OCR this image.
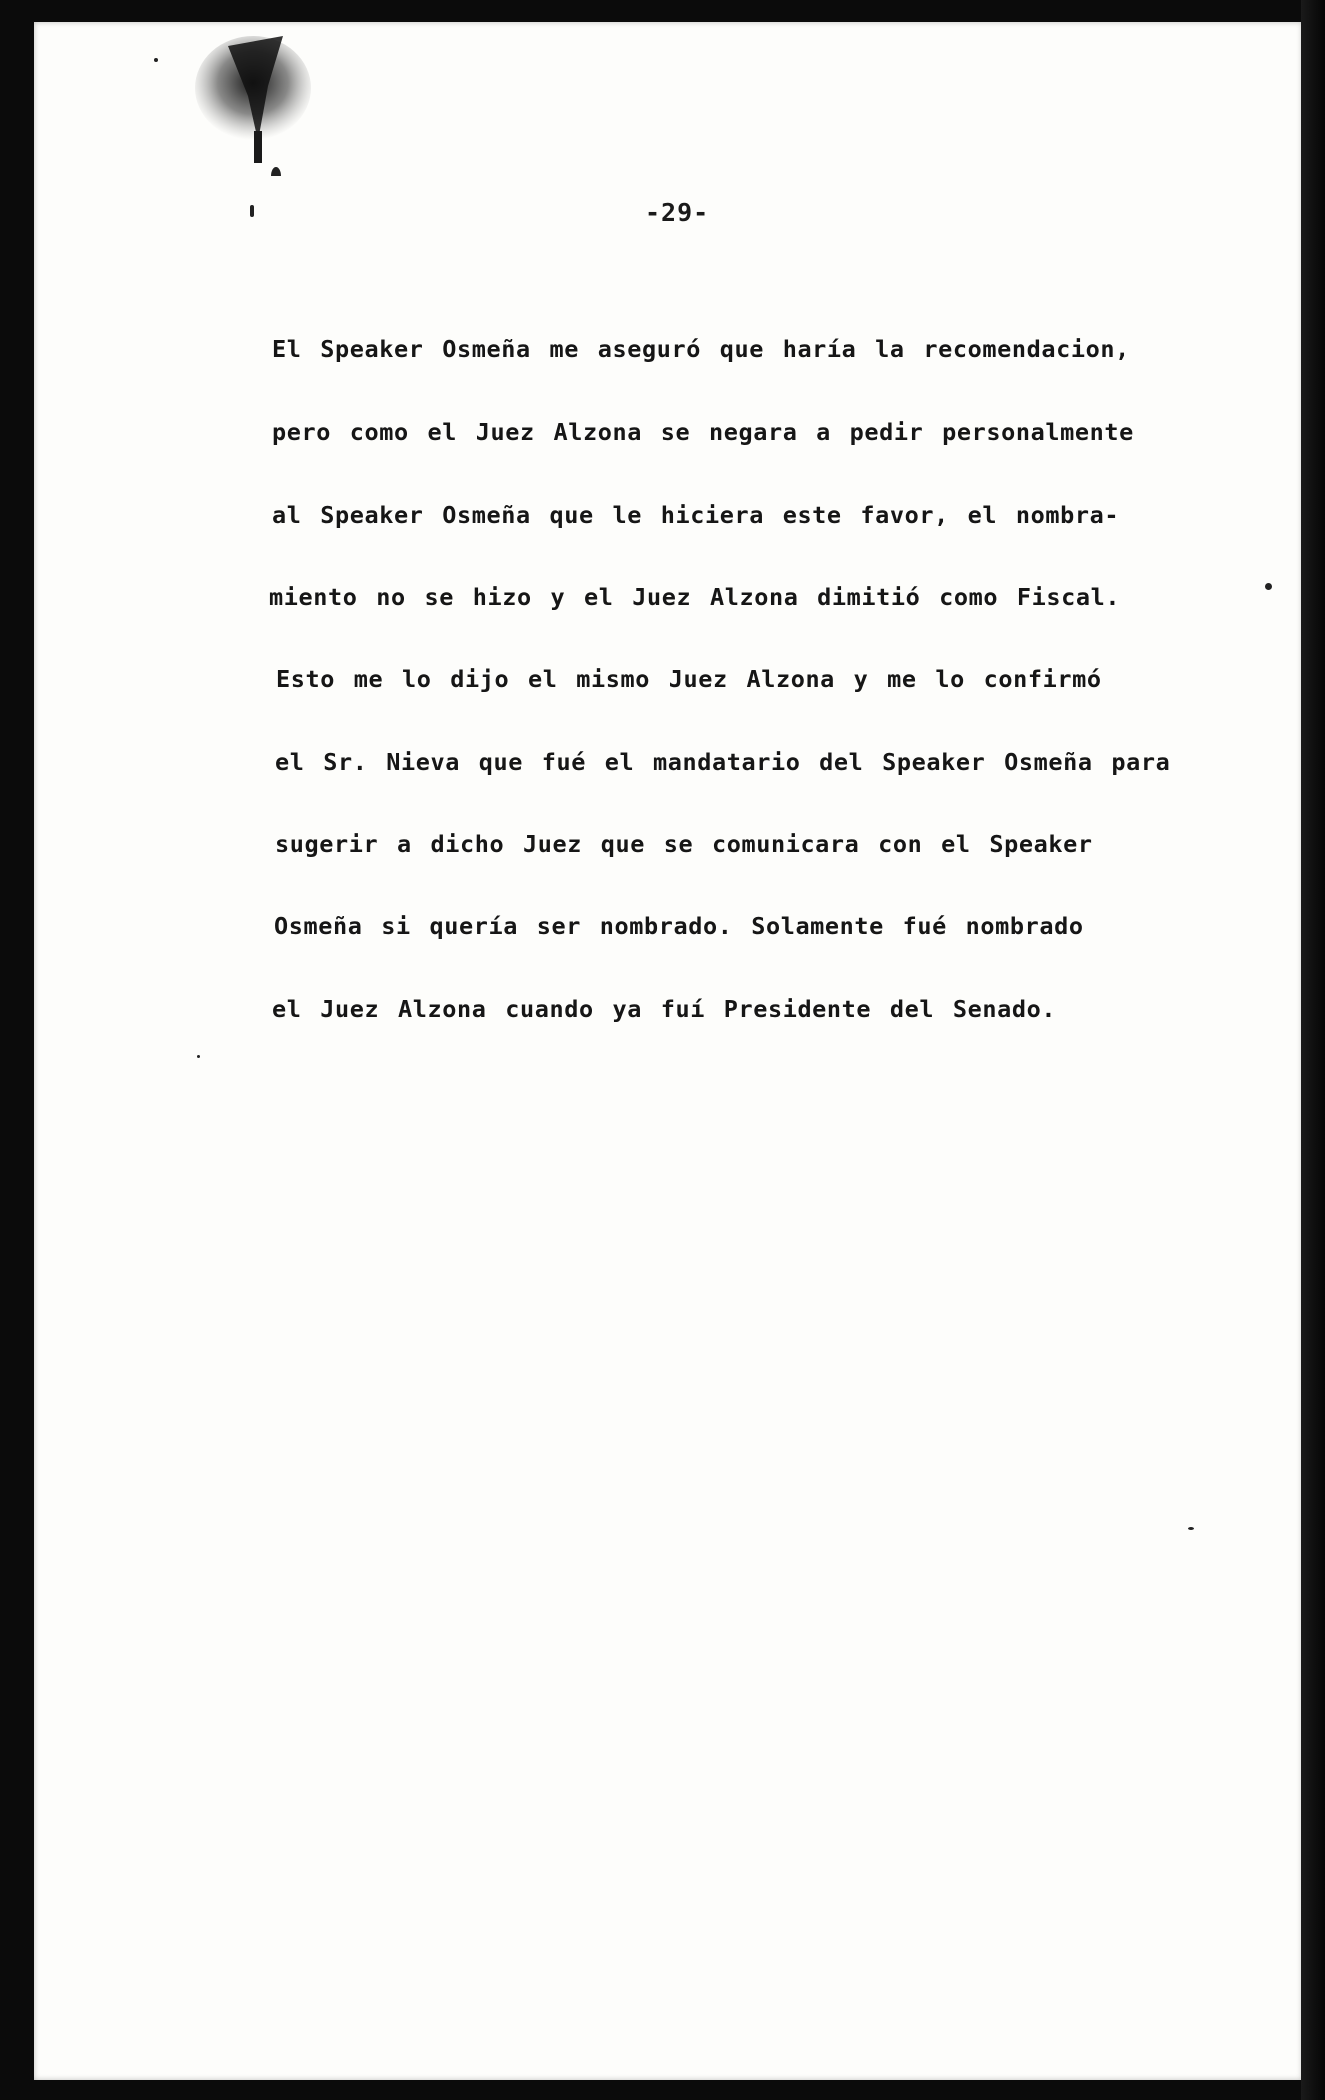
-29-
El Speaker Osmeña me aseguró que haría la recomendacion,
pero como el Juez Alzona se negara a pedir personalmente
al Speaker Osmeña que le hiciera este favor, el nombra-
miento no se hizo y el Juez Alzona dimitió como Fiscal.
Esto me lo dijo el mismo Juez Alzona y me lo confirmó
el Sr. Nieva que fué el mandatario del Speaker Osmeña para
sugerir a dicho Juez que se comunicara con el Speaker
Osmeña si quería ser nombrado. Solamente fué nombrado
el Juez Alzona cuando ya fuí Presidente del Senado.
